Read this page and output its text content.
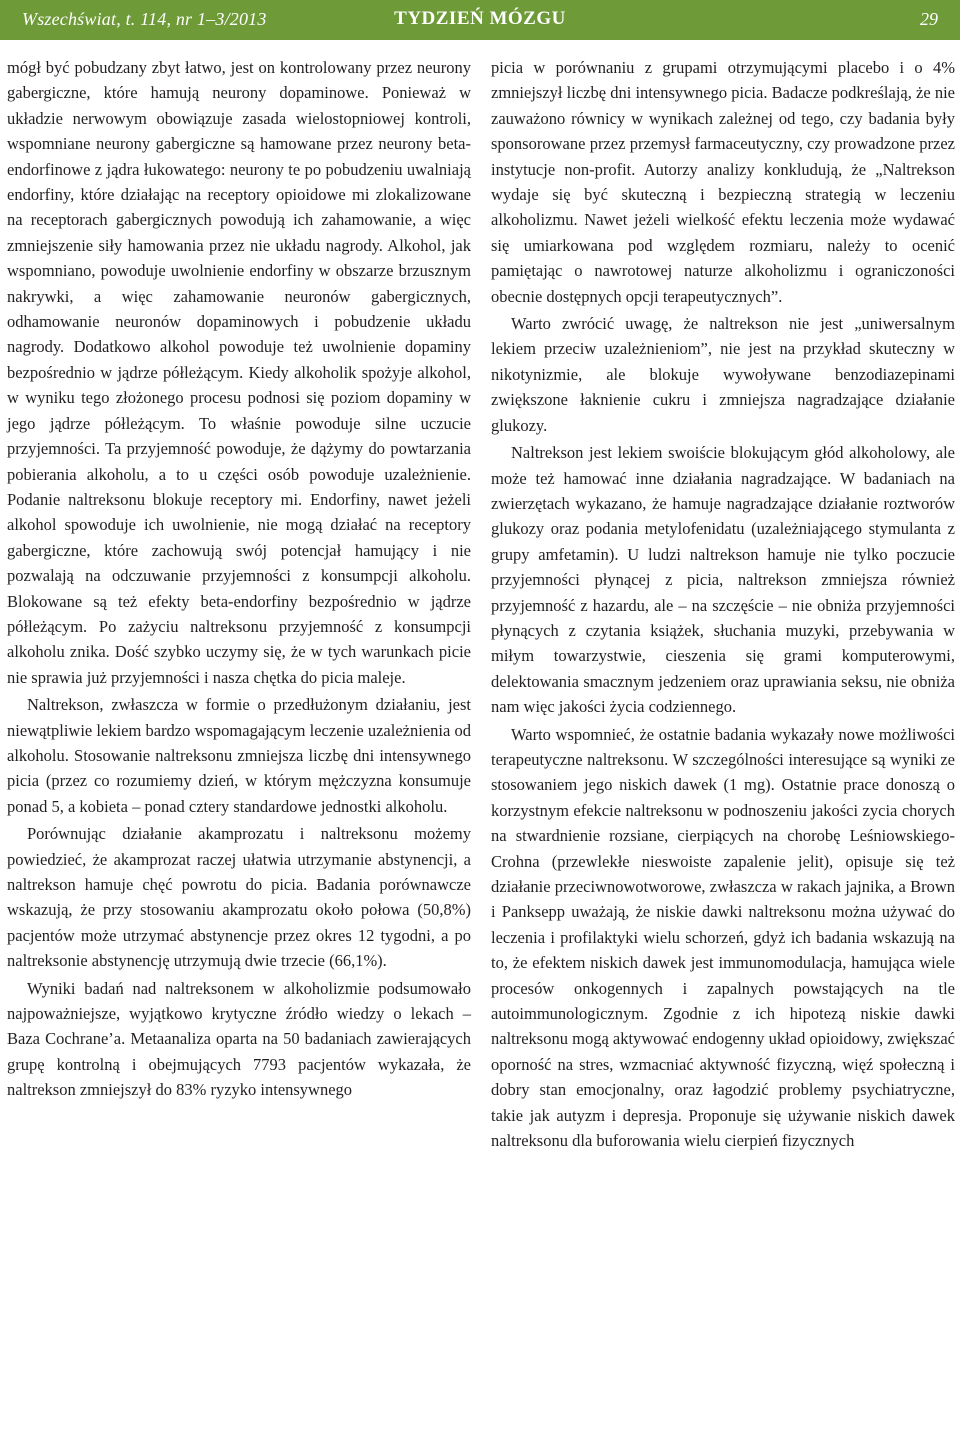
Wszechświat, t. 114, nr 1–3/2013	TYDZIEŃ MÓZGU	29

mógł być pobudzany zbyt łatwo, jest on kontrolowany przez neurony gabergiczne, które hamują neurony dopaminowe. Ponieważ w układzie nerwowym obowiązuje zasada wielostopniowej kontroli, wspomniane neurony gabergiczne są hamowane przez neurony beta-endorfinowe z jądra łukowatego: neurony te po pobudzeniu uwalniają endorfiny, które działając na receptory opioidowe mi zlokalizowane na receptorach gabergicznych powodują ich zahamowanie, a więc zmniejszenie siły hamowania przez nie układu nagrody. Alkohol, jak wspomniano, powoduje uwolnienie endorfiny w obszarze brzusznym nakrywki, a więc zahamowanie neuronów gabergicznych, odhamowanie neuronów dopaminowych i pobudzenie układu nagrody. Dodatkowo alkohol powoduje też uwolnienie dopaminy bezpośrednio w jądrze półleżącym. Kiedy alkoholik spożyje alkohol, w wyniku tego złożonego procesu podnosi się poziom dopaminy w jego jądrze półleżącym. To właśnie powoduje silne uczucie przyjemności. Ta przyjemność powoduje, że dążymy do powtarzania pobierania alkoholu, a to u części osób powoduje uzależnienie. Podanie naltreksonu blokuje receptory mi. Endorfiny, nawet jeżeli alkohol spowoduje ich uwolnienie, nie mogą działać na receptory gabergiczne, które zachowują swój potencjał hamujący i nie pozwalają na odczuwanie przyjemności z konsumpcji alkoholu. Blokowane są też efekty beta-endorfiny bezpośrednio w jądrze półleżącym. Po zażyciu naltreksonu przyjemność z konsumpcji alkoholu znika. Dość szybko uczymy się, że w tych warunkach picie nie sprawia już przyjemności i nasza chętka do picia maleje.

Naltrekson, zwłaszcza w formie o przedłużonym działaniu, jest niewątpliwie lekiem bardzo wspomagającym leczenie uzależnienia od alkoholu. Stosowanie naltreksonu zmniejsza liczbę dni intensywnego picia (przez co rozumiemy dzień, w którym mężczyzna konsumuje ponad 5, a kobieta – ponad cztery standardowe jednostki alkoholu.

Porównując działanie akamprozatu i naltreksonu możemy powiedzieć, że akamprozat raczej ułatwia utrzymanie abstynencji, a naltrekson hamuje chęć powrotu do picia. Badania porównawcze wskazują, że przy stosowaniu akamprozatu około połowa (50,8%) pacjentów może utrzymać abstynencje przez okres 12 tygodni, a po naltreksonie abstynencję utrzymują dwie trzecie (66,1%).

Wyniki badań nad naltreksonem w alkoholizmie podsumowało najpoważniejsze, wyjątkowo krytyczne źródło wiedzy o lekach – Baza Cochrane’a. Metaanaliza oparta na 50 badaniach zawierających grupę kontrolną i obejmujących 7793 pacjentów wykazała, że naltrekson zmniejszył do 83% ryzyko intensywnego

picia w porównaniu z grupami otrzymującymi placebo i o 4% zmniejszył liczbę dni intensywnego picia. Badacze podkreślają, że nie zauważono równicy w wynikach zależnej od tego, czy badania były sponsorowane przez przemysł farmaceutyczny, czy prowadzone przez instytucje non-profit. Autorzy analizy konkludują, że „Naltrekson wydaje się być skuteczną i bezpieczną strategią w leczeniu alkoholizmu. Nawet jeżeli wielkość efektu leczenia może wydawać się umiarkowana pod względem rozmiaru, należy to ocenić pamiętając o nawrotowej naturze alkoholizmu i ograniczoności obecnie dostępnych opcji terapeutycznych”.

Warto zwrócić uwagę, że naltrekson nie jest „uniwersalnym lekiem przeciw uzależnieniom”, nie jest na przykład skuteczny w nikotynizmie, ale blokuje wywoływane benzodiazepinami zwiększone łaknienie cukru i zmniejsza nagradzające działanie glukozy.

Naltrekson jest lekiem swoiście blokującym głód alkoholowy, ale może też hamować inne działania nagradzające. W badaniach na zwierzętach wykazano, że hamuje nagradzające działanie roztworów glukozy oraz podania metylofenidatu (uzależniającego stymulanta z grupy amfetamin). U ludzi naltrekson hamuje nie tylko poczucie przyjemności płynącej z picia, naltrekson zmniejsza również przyjemność z hazardu, ale – na szczęście – nie obniża przyjemności płynących z czytania książek, słuchania muzyki, przebywania w miłym towarzystwie, cieszenia się grami komputerowymi, delektowania smacznym jedzeniem oraz uprawiania seksu, nie obniża nam więc jakości życia codziennego.

Warto wspomnieć, że ostatnie badania wykazały nowe możliwości terapeutyczne naltreksonu. W szczególności interesujące są wyniki ze stosowaniem jego niskich dawek (1 mg). Ostatnie prace donoszą o korzystnym efekcie naltreksonu w podnoszeniu jakości zycia chorych na stwardnienie rozsiane, cierpiących na chorobę Leśniowskiego-Crohna (przewlekłe nieswoiste zapalenie jelit), opisuje się też działanie przeciwnowotworowe, zwłaszcza w rakach jajnika, a Brown i Panksepp uważają, że niskie dawki naltreksonu można używać do leczenia i profilaktyki wielu schorzeń, gdyż ich badania wskazują na to, że efektem niskich dawek jest immunomodulacja, hamująca wiele procesów onkogennych i zapalnych powstających na tle autoimmunologicznym. Zgodnie z ich hipotezą niskie dawki naltreksonu mogą aktywować endogenny układ opioidowy, zwiększać oporność na stres, wzmacniać aktywność fizyczną, więź społeczną i dobry stan emocjonalny, oraz łagodzić problemy psychiatryczne, takie jak autyzm i depresja. Proponuje się używanie niskich dawek naltreksonu dla buforowania wielu cierpień fizycznych
